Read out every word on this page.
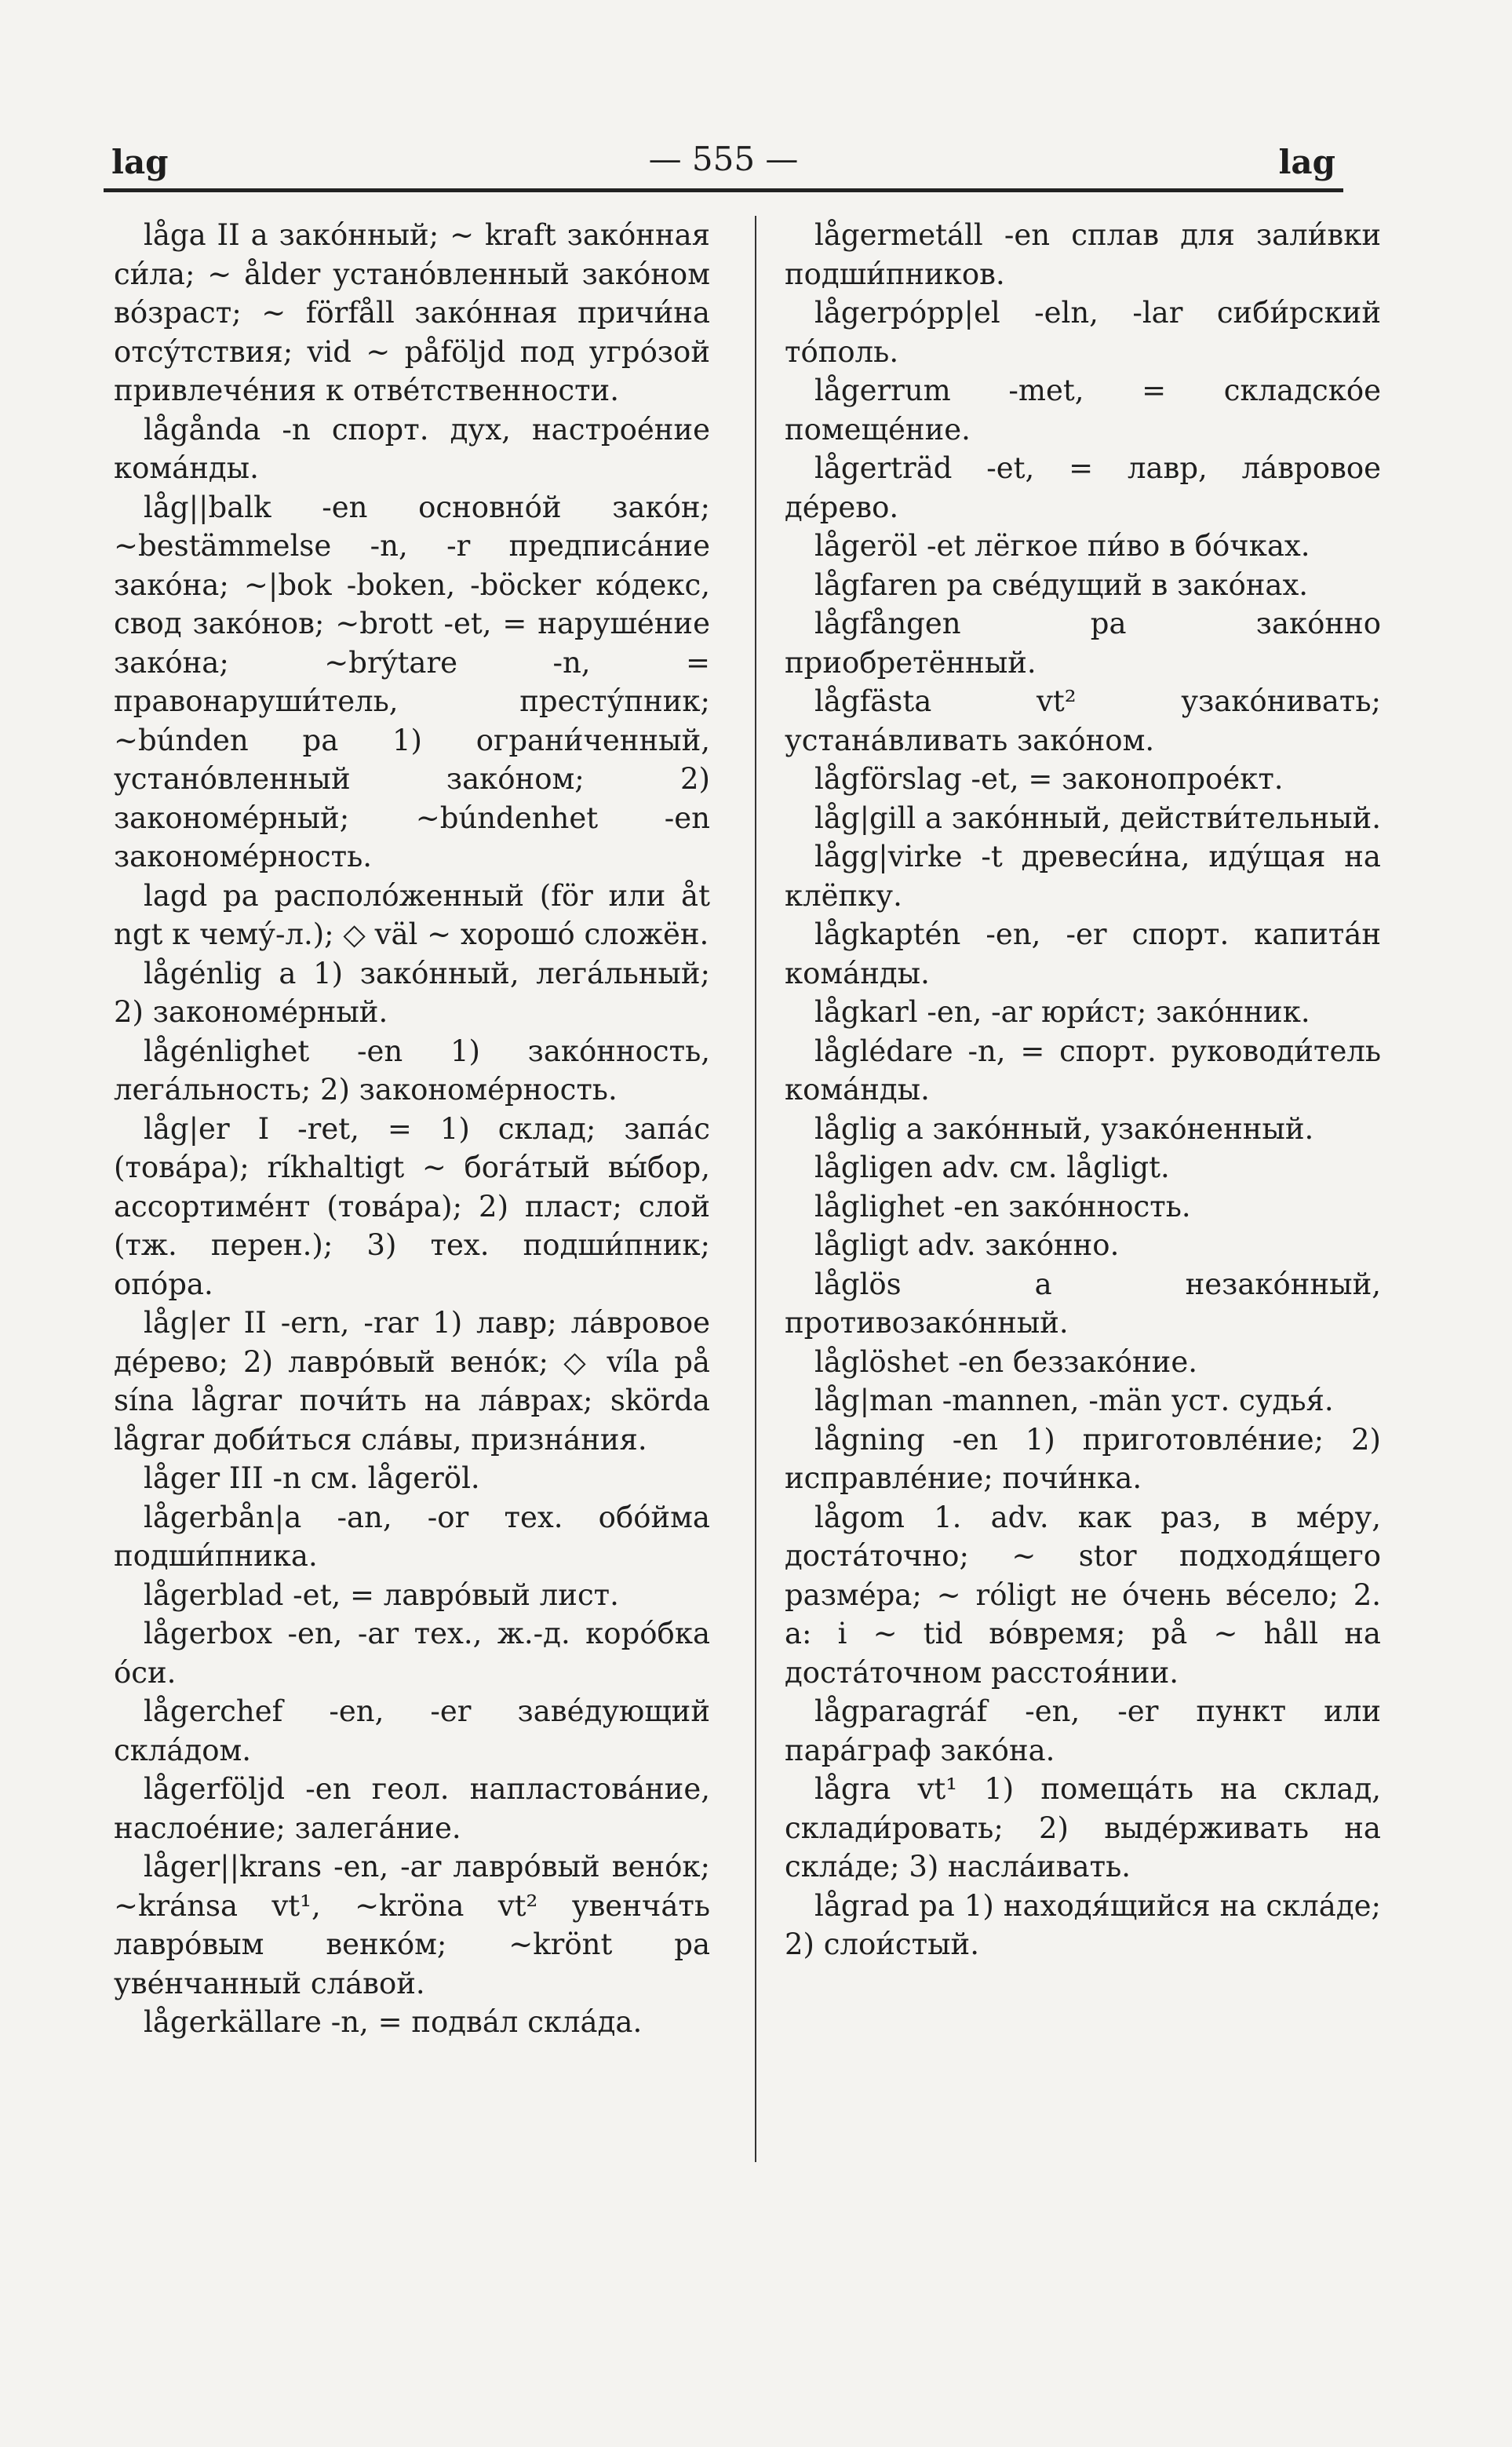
lag	— 555 —	lag

låga II a зако́нный; ~ kraft зако́нная си́ла; ~ ålder устано́вленный зако́ном во́зраст; ~ förfåll зако́нная причи́на отсу́тствия; vid ~ påföljd под угро́зой привлече́ния к отве́тственности.

lågånda -n спорт. дух, настрое́ние кома́нды.

låg||balk -en основно́й зако́н; ~bestämmelse -n, -r предписа́ние зако́на; ~|bok -boken, -böcker ко́декс, свод зако́нов; ~brott -et, = наруше́ние зако́на; ~brýtare -n, = правонаруши́тель, престу́пник; ~búnden pa 1) ограни́ченный, устано́вленный зако́ном; 2) закономе́рный; ~búndenhet -en закономе́рность.

lagd pa располо́женный (för или åt ngt к чему́-л.); ◇ väl ~ хорошо́ сложён.

lågénlig a 1) зако́нный, лега́льный; 2) закономе́рный.

lågénlighet -en 1) зако́нность, лега́льность; 2) закономе́рность.

låg|er I -ret, = 1) склад; запа́с (това́ра); ríkhaltigt ~ бога́тый вы́бор, ассортиме́нт (това́ра); 2) пласт; слой (тж. перен.); 3) тех. подши́пник; опо́ра.

låg|er II -ern, -rar 1) лавр; ла́вровое де́рево; 2) лавро́вый вено́к; ◇ víla på sína lågrar почи́ть на ла́врах; skörda lågrar доби́ться сла́вы, призна́ния.

låger III -n см. lågeröl.

lågerbån|a -an, -or тех. обо́йма подши́пника.

lågerblad -et, = лавро́вый лист.

lågerbox -en, -ar тех., ж.-д. коро́бка о́си.

lågerchef -en, -er заве́дующий скла́дом.

lågerföljd -en геол. напластова́ние, наслое́ние; залега́ние.

låger||krans -en, -ar лавро́вый вено́к; ~kránsa vt¹, ~kröna vt² увенча́ть лавро́вым венко́м; ~krönt pa уве́нчанный сла́вой.

lågerkällare -n, = подва́л скла́да.

lågermetáll -en сплав для зали́вки подши́пников.

lågerpópp|el -eln, -lar сиби́рский то́поль.

lågerrum -met, = складско́е помеще́ние.

lågerträd -et, = лавр, ла́вровое де́рево.

lågeröl -et лёгкое пи́во в бо́чках.

lågfaren pa све́дущий в зако́нах.

lågfången pa зако́нно приобретённый.

lågfästa vt² узако́нивать; устана́вливать зако́ном.

lågförslag -et, = законопрое́кт.

låg|gill a зако́нный, действи́тельный.

lågg|virke -t древеси́на, иду́щая на клёпку.

lågkaptén -en, -er спорт. капита́н кома́нды.

lågkarl -en, -ar юри́ст; зако́нник.

låglédare -n, = спорт. руководи́тель кома́нды.

låglig a зако́нный, узако́ненный.

lågligen adv. см. lågligt.

låglighet -en зако́нность.

lågligt adv. зако́нно.

låglös a незако́нный, противозако́нный.

låglöshet -en беззако́ние.

låg|man -mannen, -män уст. судья́.

lågning -en 1) приготовле́ние; 2) исправле́ние; почи́нка.

lågom 1. adv. как раз, в ме́ру, доста́точно; ~ stor подходя́щего разме́ра; ~ róligt не о́чень ве́село; 2. a: i ~ tid во́время; på ~ håll на доста́точном расстоя́нии.

lågparagráf -en, -er пункт или пара́граф зако́на.

lågra vt¹ 1) помеща́ть на склад, склади́ровать; 2) выде́рживать на скла́де; 3) насла́ивать.

lågrad pa 1) находя́щийся на скла́де; 2) слои́стый.
